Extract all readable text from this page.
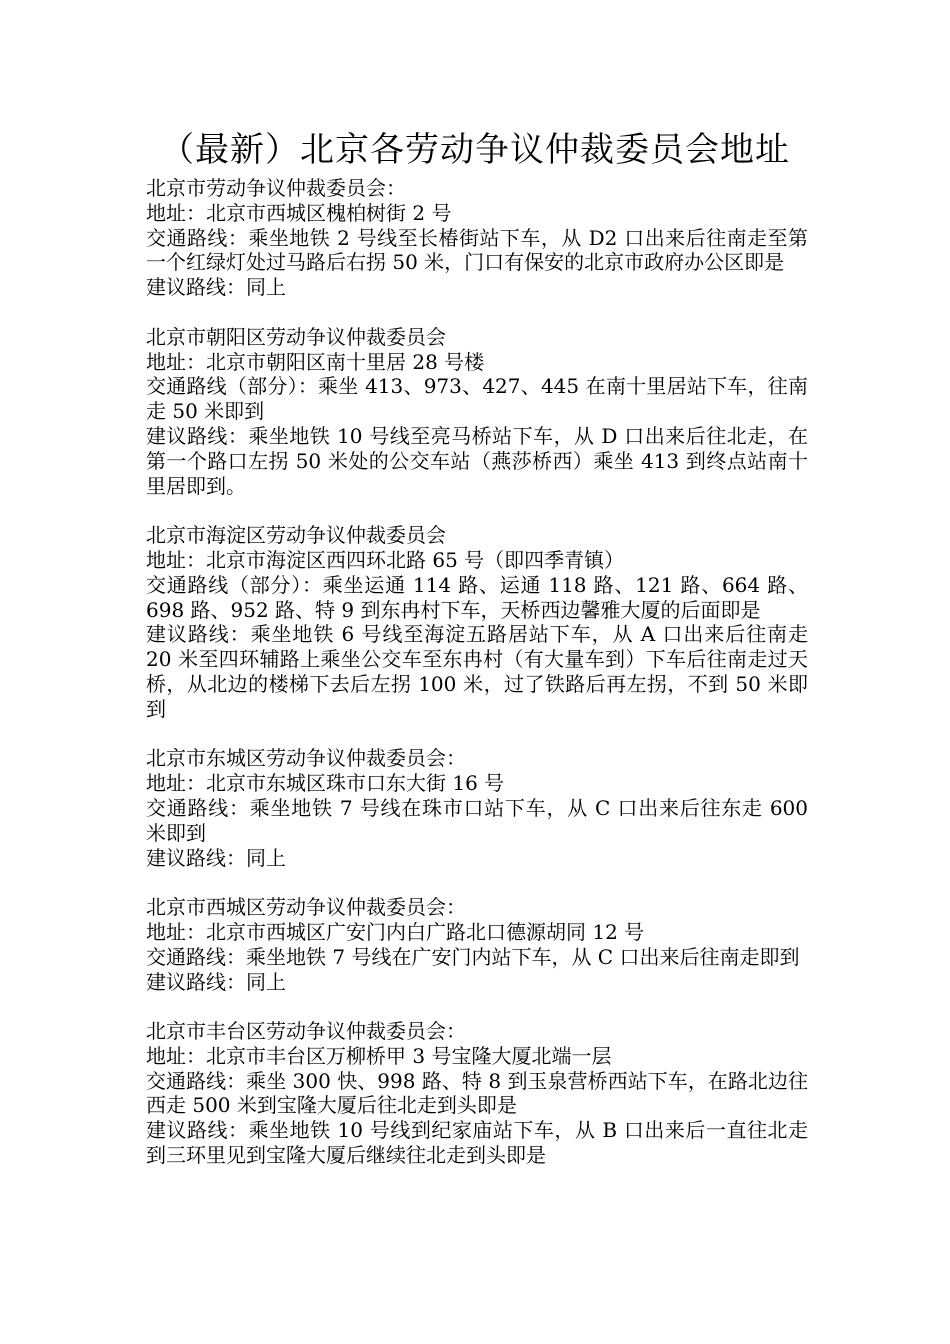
（最新）北京各劳动争议仲裁委员会地址
北京市劳动争议仲裁委员会：
地址：北京市西城区槐柏树街 2 号
交通路线：乘坐地铁 2 号线至长椿街站下车，从 D2 口出来后往南走至第一个红绿灯处过马路后右拐 50 米，门口有保安的北京市政府办公区即是
建议路线：同上
北京市朝阳区劳动争议仲裁委员会
地址：北京市朝阳区南十里居 28 号楼
交通路线（部分）：乘坐 413、973、427、445 在南十里居站下车，往南走 50 米即到
建议路线：乘坐地铁 10 号线至亮马桥站下车，从 D 口出来后往北走，在第一个路口左拐 50 米处的公交车站（燕莎桥西）乘坐 413 到终点站南十里居即到。
北京市海淀区劳动争议仲裁委员会
地址：北京市海淀区西四环北路 65 号（即四季青镇）
交通路线（部分）：乘坐运通 114 路、运通 118 路、121 路、664 路、698 路、952 路、特 9 到东冉村下车，天桥西边馨雅大厦的后面即是
建议路线：乘坐地铁 6 号线至海淀五路居站下车，从 A 口出来后往南走 20 米至四环辅路上乘坐公交车至东冉村（有大量车到）下车后往南走过天桥，从北边的楼梯下去后左拐 100 米，过了铁路后再左拐，不到 50 米即到
北京市东城区劳动争议仲裁委员会：
地址：北京市东城区珠市口东大街 16 号
交通路线：乘坐地铁 7 号线在珠市口站下车，从 C 口出来后往东走 600 米即到
建议路线：同上
北京市西城区劳动争议仲裁委员会：
地址：北京市西城区广安门内白广路北口德源胡同 12 号
交通路线：乘坐地铁 7 号线在广安门内站下车，从 C 口出来后往南走即到
建议路线：同上
北京市丰台区劳动争议仲裁委员会：
地址：北京市丰台区万柳桥甲 3 号宝隆大厦北端一层
交通路线：乘坐 300 快、998 路、特 8 到玉泉营桥西站下车，在路北边往西走 500 米到宝隆大厦后往北走到头即是
建议路线：乘坐地铁 10 号线到纪家庙站下车，从 B 口出来后一直往北走到三环里见到宝隆大厦后继续往北走到头即是
